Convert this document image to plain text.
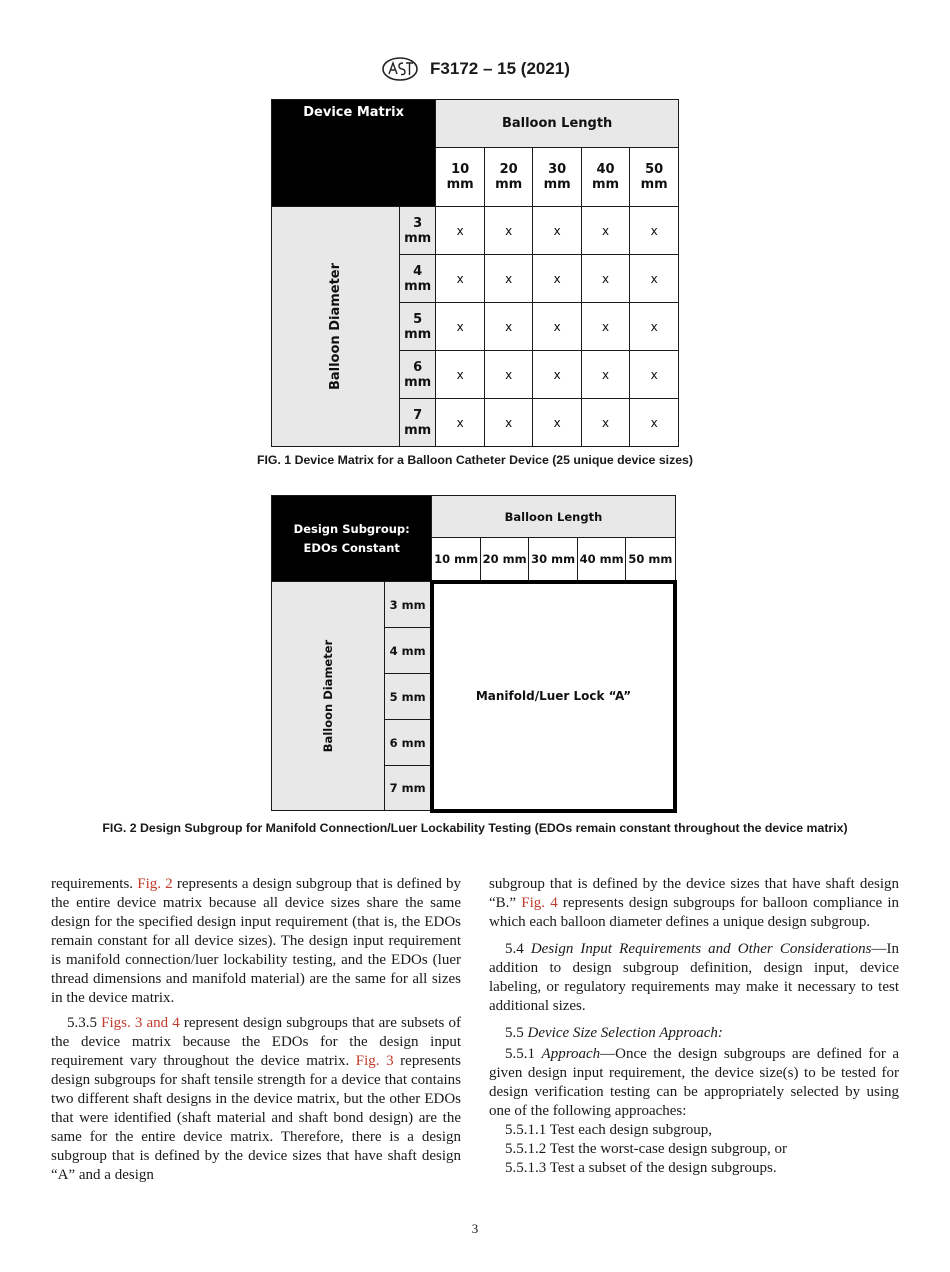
F3172 – 15 (2021)
Device Matrix		Balloon Length				
		10 mm	20 mm	30 mm	40 mm	50 mm
Balloon Diameter	3 mm	x	x	x	x	x
	4 mm	x	x	x	x	x
	5 mm	x	x	x	x	x
	6 mm	x	x	x	x	x
	7 mm	x	x	x	x	x
FIG. 1 Device Matrix for a Balloon Catheter Device (25 unique device sizes)
Design Subgroup:
EDOs Constant		Balloon Length				
		10 mm	20 mm	30 mm	40 mm	50 mm
Balloon Diameter	3 mm	Manifold/Luer Lock “A”				
	4 mm					
	5 mm					
	6 mm					
	7 mm					
FIG. 2 Design Subgroup for Manifold Connection/Luer Lockability Testing (EDOs remain constant throughout the device matrix)

requirements. Fig. 2 represents a design subgroup that is defined by the entire device matrix because all device sizes share the same design for the specified design input requirement (that is, the EDOs remain constant for all device sizes). The design input requirement is manifold connection/luer lockability testing, and the EDOs (luer thread dimensions and manifold material) are the same for all sizes in the device matrix.

5.3.5 Figs. 3 and 4 represent design subgroups that are subsets of the device matrix because the EDOs for the design input requirement vary throughout the device matrix. Fig. 3 represents design subgroups for shaft tensile strength for a device that contains two different shaft designs in the device matrix, but the other EDOs that were identified (shaft material and shaft bond design) are the same for the entire device matrix. Therefore, there is a design subgroup that is defined by the device sizes that have shaft design “A” and a design

subgroup that is defined by the device sizes that have shaft design “B.” Fig. 4 represents design subgroups for balloon compliance in which each balloon diameter defines a unique design subgroup.

5.4 Design Input Requirements and Other Considerations—In addition to design subgroup definition, design input, device labeling, or regulatory requirements may make it necessary to test additional sizes.

5.5 Device Size Selection Approach:

5.5.1 Approach—Once the design subgroups are defined for a given design input requirement, the device size(s) to be tested for design verification testing can be appropriately selected by using one of the following approaches:

5.5.1.1 Test each design subgroup,

5.5.1.2 Test the worst-case design subgroup, or

5.5.1.3 Test a subset of the design subgroups.

3
